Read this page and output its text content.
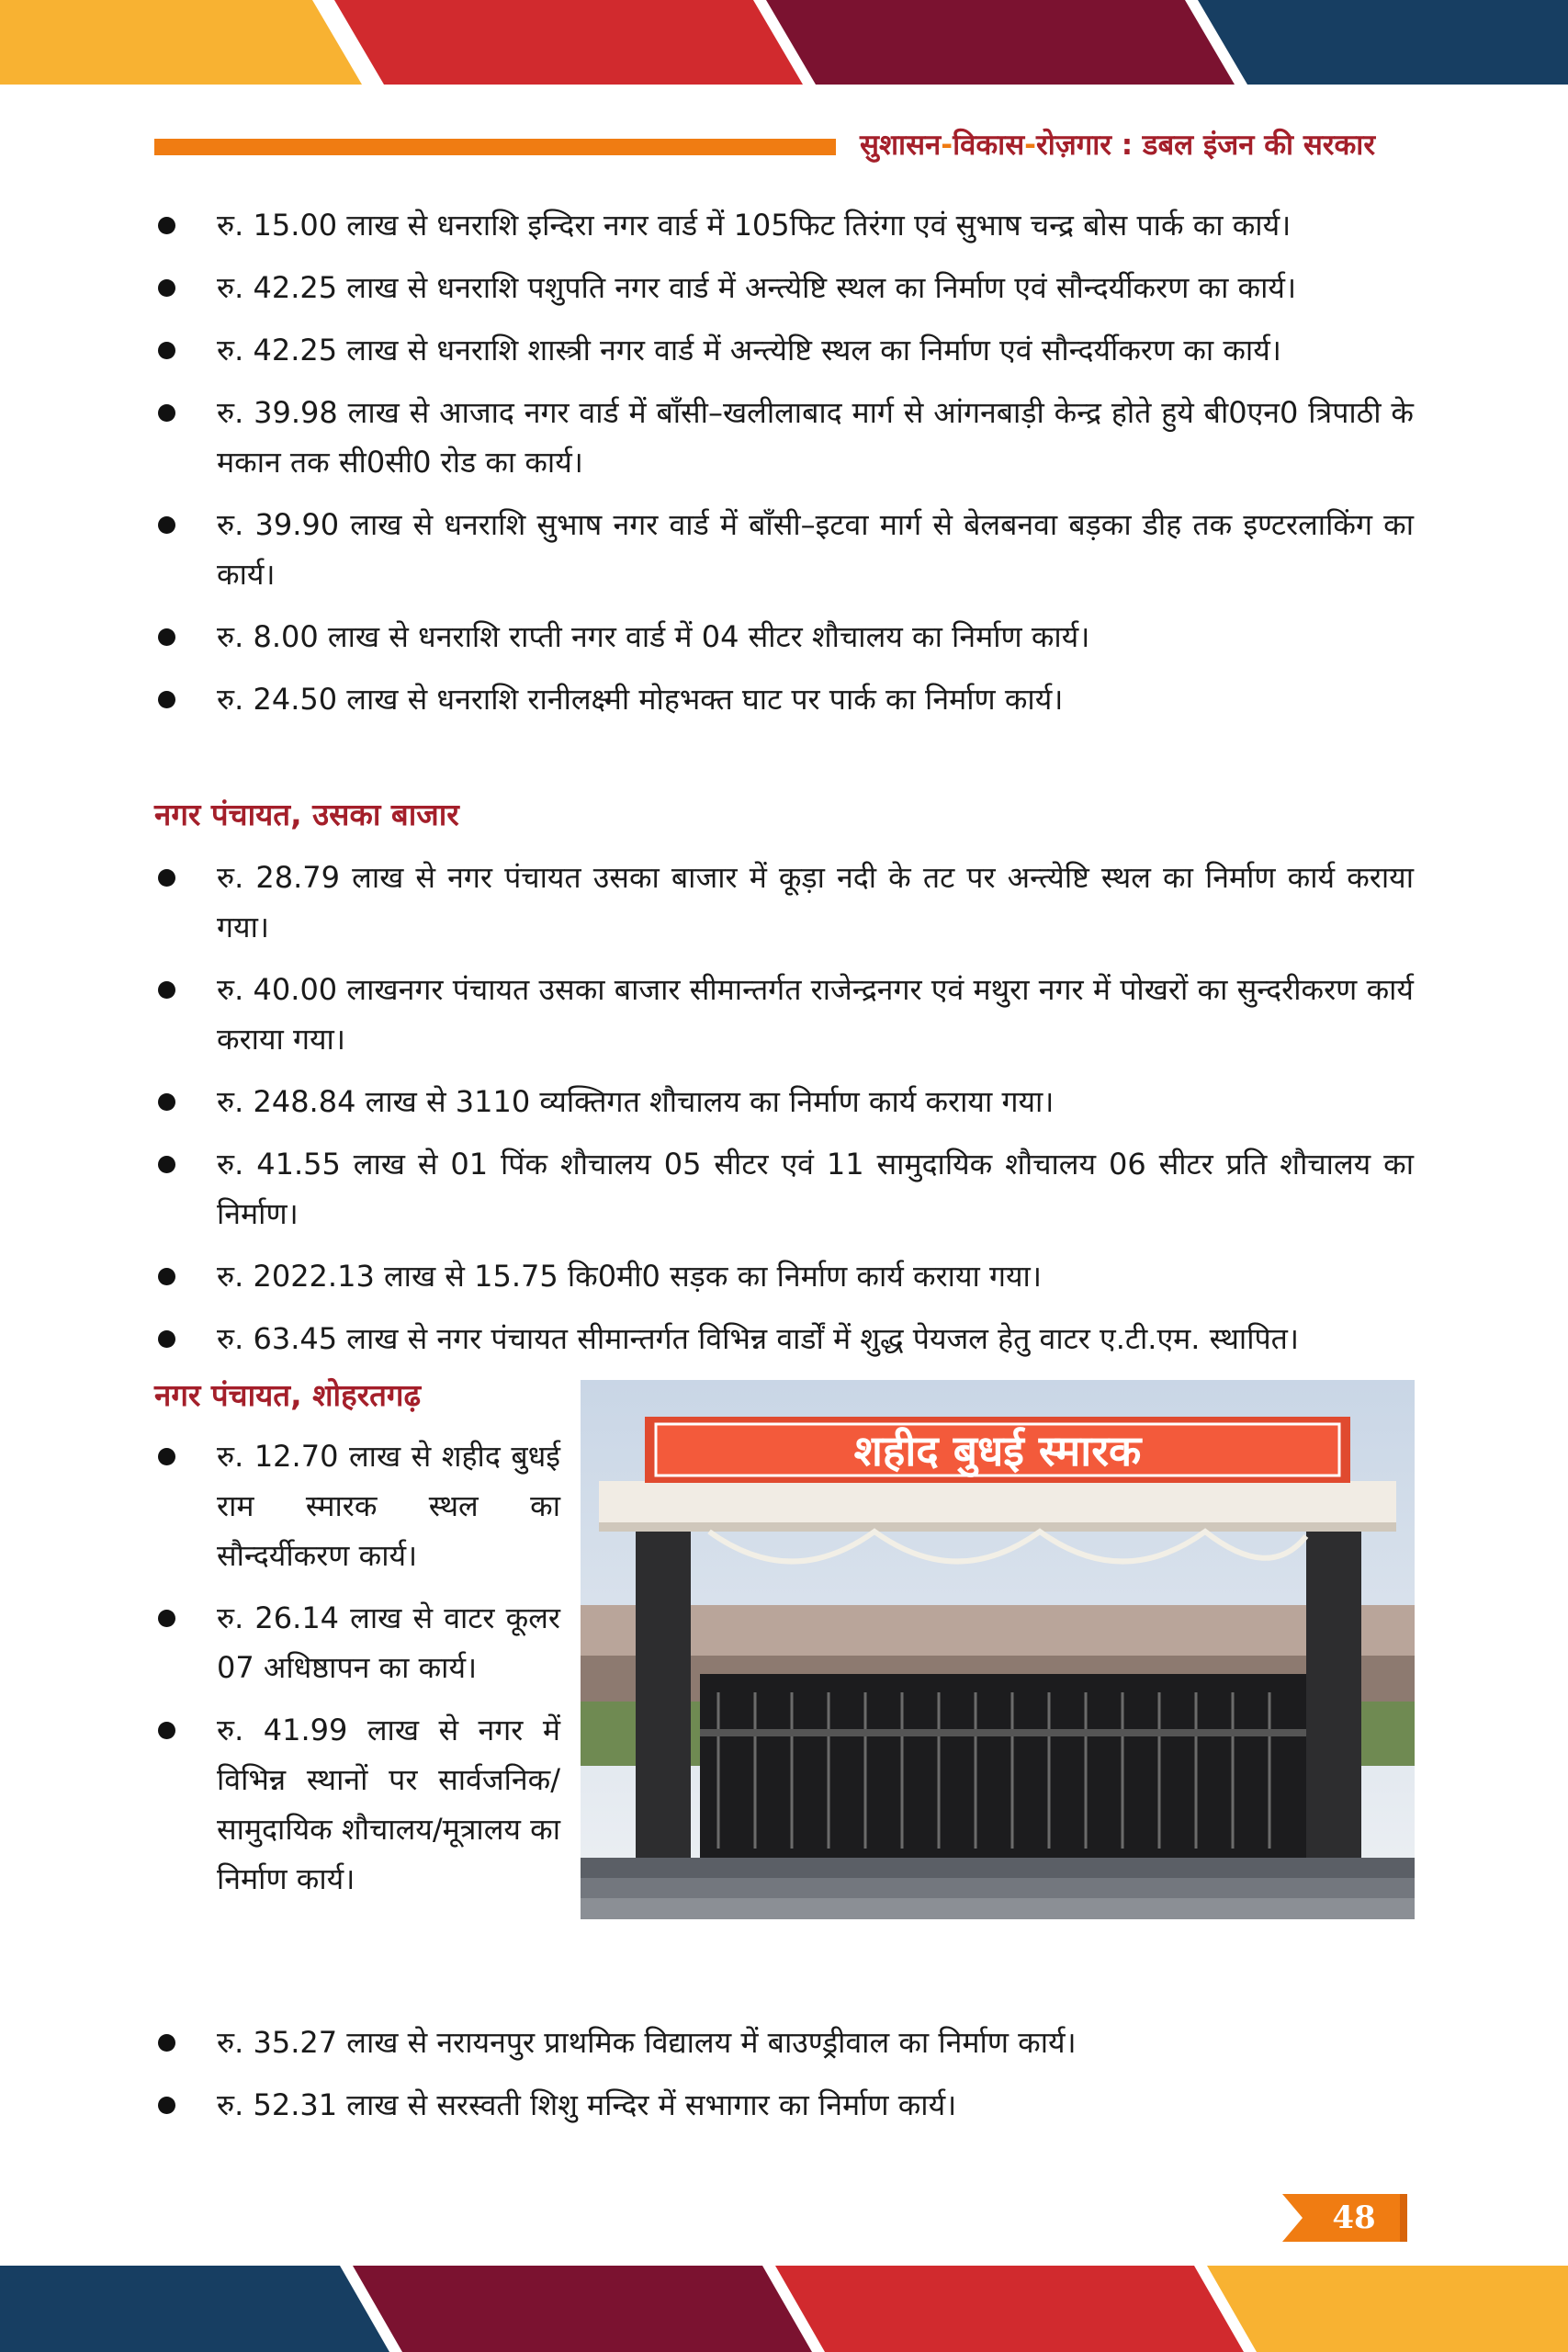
सुशासन-विकास-रोज़गार : डबल इंजन की सरकार
रु. 15.00 लाख से धनराशि इन्दिरा नगर वार्ड में 105फिट तिरंगा एवं सुभाष चन्द्र बोस पार्क का कार्य।
रु. 42.25 लाख से धनराशि पशुपति नगर वार्ड में अन्त्येष्टि स्थल का निर्माण एवं सौन्दर्यीकरण का कार्य।
रु. 42.25 लाख से धनराशि शास्त्री नगर वार्ड में अन्त्येष्टि स्थल का निर्माण एवं सौन्दर्यीकरण का कार्य।
रु. 39.98 लाख से आजाद नगर वार्ड में बाँसी–खलीलाबाद मार्ग से आंगनबाड़ी केन्द्र होते हुये बी0एन0 त्रिपाठी के मकान तक सी0सी0 रोड का कार्य।
रु. 39.90 लाख से धनराशि सुभाष नगर वार्ड में बाँसी–इटवा मार्ग से बेलबनवा बड़का डीह तक इण्टरलाकिंग का कार्य।
रु. 8.00 लाख से धनराशि राप्ती नगर वार्ड में 04 सीटर शौचालय का निर्माण कार्य।
रु. 24.50 लाख से धनराशि रानीलक्ष्मी मोहभक्त घाट पर पार्क का निर्माण कार्य।
नगर पंचायत, उसका बाजार
रु. 28.79 लाख से नगर पंचायत उसका बाजार में कूड़ा नदी के तट पर अन्त्येष्टि स्थल का निर्माण कार्य कराया गया।
रु. 40.00 लाखनगर पंचायत उसका बाजार सीमान्तर्गत राजेन्द्रनगर एवं मथुरा नगर में पोखरों का सुन्दरीकरण कार्य कराया गया।
रु. 248.84 लाख से 3110 व्यक्तिगत शौचालय का निर्माण कार्य कराया गया।
रु. 41.55 लाख से 01 पिंक शौचालय 05 सीटर एवं 11 सामुदायिक शौचालय 06 सीटर प्रति शौचालय का निर्माण।
रु. 2022.13 लाख से 15.75 कि0मी0 सड़क का निर्माण कार्य कराया गया।
रु. 63.45 लाख से नगर पंचायत सीमान्तर्गत विभिन्न वार्डों में शुद्ध पेयजल हेतु वाटर ए.टी.एम. स्थापित।
नगर पंचायत, शोहरतगढ़
रु. 12.70 लाख से शहीद बुधई राम स्मारक स्थल का सौन्दर्यीकरण कार्य।
रु. 26.14 लाख से वाटर कूलर 07 अधिष्ठापन का कार्य।
रु. 41.99 लाख से नगर में विभिन्न स्थानों पर सार्वजनिक/सामुदायिक शौचालय/मूत्रालय का निर्माण कार्य।
शहीद बुधई स्मारक
रु. 35.27 लाख से नरायनपुर प्राथमिक विद्यालय में बाउण्ड्रीवाल का निर्माण कार्य।
रु. 52.31 लाख से सरस्वती शिशु मन्दिर में सभागार का निर्माण कार्य।
48
